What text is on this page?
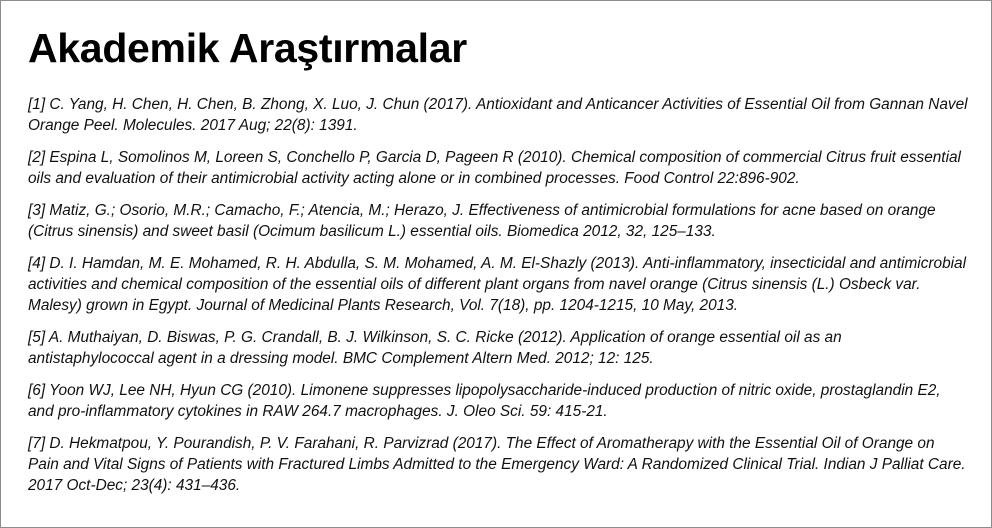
Akademik Araştırmalar
[1] C. Yang, H. Chen, H. Chen, B. Zhong, X. Luo, J. Chun (2017). Antioxidant and Anticancer Activities of Essential Oil from Gannan Navel Orange Peel. Molecules. 2017 Aug; 22(8): 1391.
[2] Espina L, Somolinos M, Loreen S, Conchello P, Garcia D, Pageen R (2010). Chemical composition of commercial Citrus fruit essential oils and evaluation of their antimicrobial activity acting alone or in combined processes. Food Control 22:896-902.
[3] Matiz, G.; Osorio, M.R.; Camacho, F.; Atencia, M.; Herazo, J. Effectiveness of antimicrobial formulations for acne based on orange (Citrus sinensis) and sweet basil (Ocimum basilicum L.) essential oils. Biomedica 2012, 32, 125–133.
[4] D. I. Hamdan, M. E. Mohamed, R. H. Abdulla, S. M. Mohamed, A. M. El-Shazly (2013). Anti-inflammatory, insecticidal and antimicrobial activities and chemical composition of the essential oils of different plant organs from navel orange (Citrus sinensis (L.) Osbeck var. Malesy) grown in Egypt. Journal of Medicinal Plants Research, Vol. 7(18), pp. 1204-1215, 10 May, 2013.
[5] A. Muthaiyan, D. Biswas, P. G. Crandall, B. J. Wilkinson, S. C. Ricke (2012). Application of orange essential oil as an antistaphylococcal agent in a dressing model. BMC Complement Altern Med. 2012; 12: 125.
[6] Yoon WJ, Lee NH, Hyun CG (2010). Limonene suppresses lipopolysaccharide-induced production of nitric oxide, prostaglandin E2, and pro-inflammatory cytokines in RAW 264.7 macrophages. J. Oleo Sci. 59: 415-21.
[7] D. Hekmatpou, Y. Pourandish, P. V. Farahani, R. Parvizrad (2017). The Effect of Aromatherapy with the Essential Oil of Orange on Pain and Vital Signs of Patients with Fractured Limbs Admitted to the Emergency Ward: A Randomized Clinical Trial. Indian J Palliat Care. 2017 Oct-Dec; 23(4): 431–436.
